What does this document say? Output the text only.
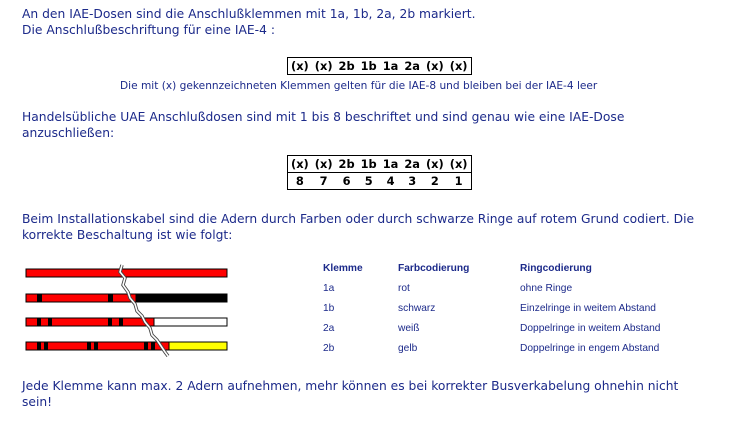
An den IAE-Dosen sind die Anschlußklemmen mit 1a, 1b, 2a, 2b markiert.
Die Anschlußbeschriftung für eine IAE-4 :
(x)	(x)	2b	1b	1a	2a	(x)	(x)
Die mit (x) gekennzeichneten Klemmen gelten für die IAE-8 und bleiben bei der IAE-4 leer
Handelsübliche UAE Anschlußdosen sind mit 1 bis 8 beschriftet und sind genau wie eine IAE-Dose
anzuschließen:
(x)	(x)	2b	1b	1a	2a	(x)	(x)
8	7	6	5	4	3	2	1
Beim Installationskabel sind die Adern durch Farben oder durch schwarze Ringe auf rotem Grund codiert. Die
korrekte Beschaltung ist wie folgt:
Klemme	Farbcodierung	Ringcodierung
1a	rot	ohne Ringe
1b	schwarz	Einzelringe in weitem Abstand
2a	weiß	Doppelringe in weitem Abstand
2b	gelb	Doppelringe in engem Abstand
Jede Klemme kann max. 2 Adern aufnehmen, mehr können es bei korrekter Busverkabelung ohnehin nicht
sein!
